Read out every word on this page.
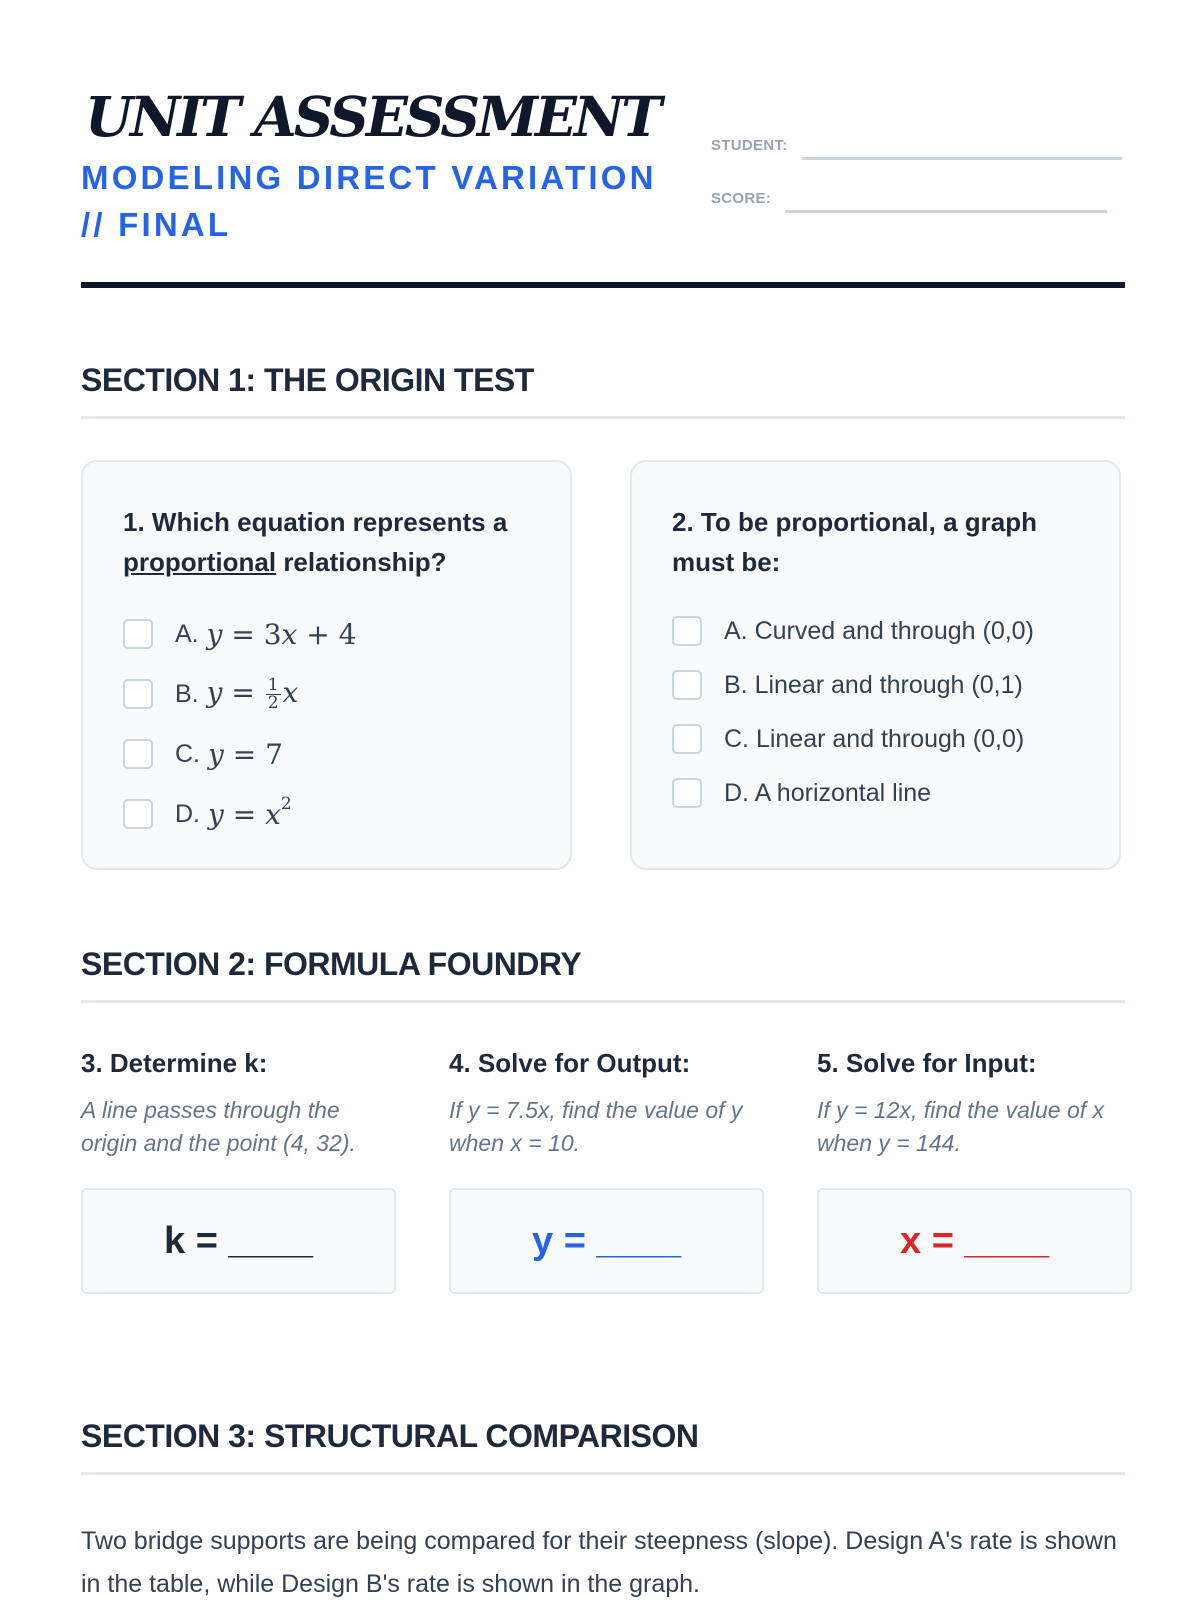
UNIT ASSESSMENT
MODELING DIRECT VARIATION // FINAL
STUDENT:
SCORE:
SECTION 1: THE ORIGIN TEST

1. Which equation represents a proportional relationship?

A. y = 3x + 4
B. $y = \frac{1}{2}$ x
C. y = 7
D. $y = x^2$

2. To be proportional, a graph must be:

A. Curved and through (0,0)
B. Linear and through (0,1)
C. Linear and through (0,0)
D. A horizontal line
SECTION 2: FORMULA FOUNDRY
3. Determine k:

A line passes through the origin and the point (4, 32).

4. Solve for Output:

If y = 7.5x, find the value of y when x = 10.

5. Solve for Input:

If y = 12x, find the value of x when y = 144.

k = ____	y = ____	x = ____
SECTION 3: STRUCTURAL COMPARISON

Two bridge supports are being compared for their steepness (slope). Design A's rate is shown in the table, while Design B's rate is shown in the graph.
